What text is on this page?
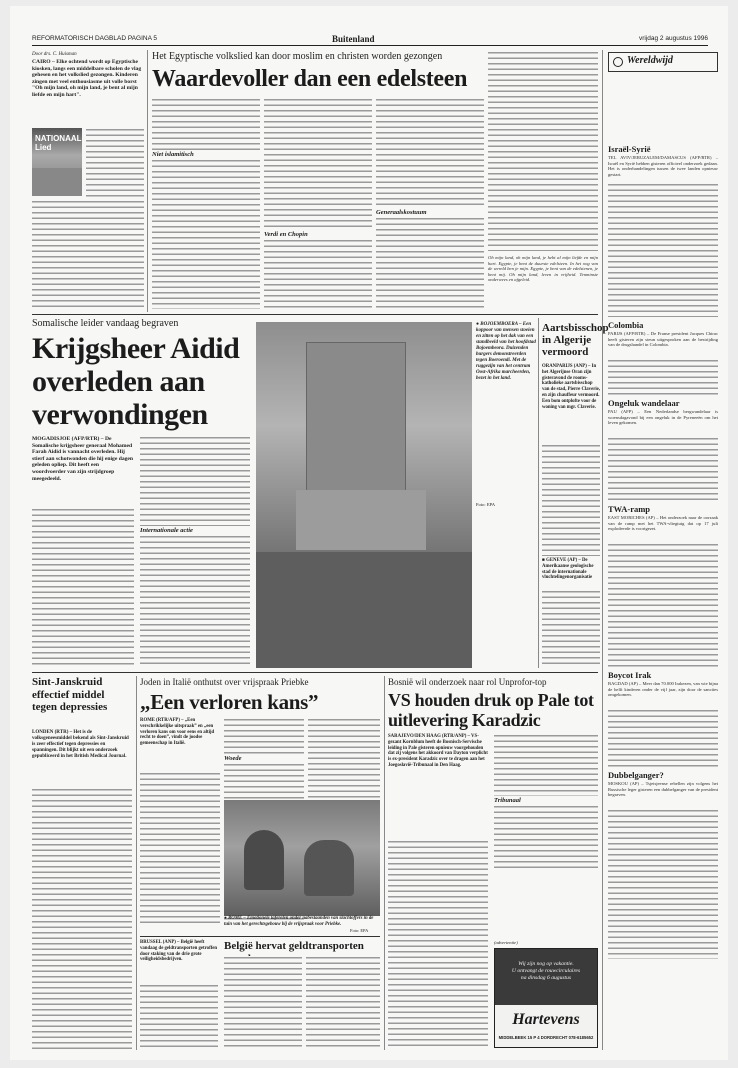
REFORMATORISCH DAGBLAD PAGINA 5	Buitenland	vrijdag 2 augustus 1996
Door drs. C. Huisman
CAIRO – Elke ochtend wordt op Egyptische kiosken, langs een middelbare scholen de vlag gehesen en het volkslied gezongen. Kinderen zingen met veel enthousiasme uit volle borst "Oh mijn land, oh mijn land, je bent al mijn liefde en mijn hart".
NATIONAAL Lied
Het Egyptische volkslied kan door moslim en christen worden gezongen
Waardevoller dan een edelsteen
Niet islamitisch
Verdi en Chopin
Generaalskostuum
Oh mijn land, oh mijn land, je hebt al mijn liefde en mijn hart. Egypte, je bent de duurste edelsteen. In het oog van de wereld ben je mijn. Egypte, je bent van de edelstenen, je bent mij. Oh mijn land, leven in vrijheid. Tenminste onderwees en afgeleid.
Wereldwijd
Israël-Syrië
TEL AVIV/JERUZALEM/DAMASCUS (AFP/RTR) – Israël en Syrië hebben gisteren officieel onderzoek gedaan. Het is onderhandelingen tussen de twee landen opnieuw gestart.
Colombia
PARIJS (AFP/RTR) – De Franse president Jacques Chirac heeft gisteren zijn steun uitgesproken aan de bestrijding van de drugshandel in Colombia.
Ongeluk wandelaar
PAU (AFP) – Een Nederlandse bergwandelaar is woensdagavond bij een ongeluk in de Pyreneeën om het leven gekomen.
TWA-ramp
EAST MORICHES (AP) – Het onderzoek naar de oorzaak van de ramp met het TWA-vliegtuig dat op 17 juli explodeerde is voortgezet.
Boycot Irak
BAGDAD (AP) – Meer dan 70.000 Irakezen, van wie bijna de helft kinderen onder de vijf jaar, zijn door de sancties omgekomen.
Dubbelganger?
MOSKOU (AP) – Tsjetsjeense rebellen zijn volgens het Russische leger gisteren een dubbelganger van de president begraven.
Somalische leider vandaag begraven
Krijgsheer Aidid overleden aan verwondingen
MOGADISJOE (AFP/RTR) – De Somalische krijgsheer generaal Mohamed Farah Aidid is vannacht overleden. Hij stierf aan schotwonden die hij enige dagen geleden opliep. Dit heeft een woordvoerder van zijn strijdgroep meegedeeld.
Internationale actie
● BOJOEMBOERA – Een koppoor van mensen stoeien en zitten op het dak van een standbeeld van het hoofdstad Bojoembeora. Duizenden burgers demonstreerden tegen Boeroendi. Met de ruggezijn van het centrum Oost-Afrika marcheerden, bezet in het land.
Foto: EPA
Aartsbisschop in Algerije vermoord
ORANPARIJS (ANP) – In het Algerijnse Oran zijn gisteravond de rooms-katholieke aartsbisschop van de stad, Pierre Claverie, en zijn chauffeur vermoord. Een bom ontplofte voor de woning van mgr. Claverie.
■ GENEVE (AP) – De Amerikaanse geologische stad de internationale vluchtelingenorganisatie
Sint-Janskruid effectief middel tegen depressies
LONDEN (RTR) – Het is de volksgeneesmiddel bekend als Sint-Janskruid is zeer effectief tegen depressies en spanningen. Dit blijkt uit een onderzoek gepubliceerd in het British Medical Journal.
Joden in Italië onthutst over vrijspraak Priebke
„Een verloren kans”
ROME (RTR/AFP) – „Een verschrikkelijke uitspraak” en „een verloren kans om voor eens en altijd recht te doen”, vindt de joodse gemeenschap in Italië.
Woede
● ROME – Emotionele taferelen onder nabestaanden van slachtoffers in de tuin van het gerechtsgebouw bij de vrijspraak voor Priebke.
Foto: EPA
BRUSSEL (ANP) – België heeft vandaag de geldtransporten getroffen door staking van de drie grote veiligheidsbedrijven.
België hervat geldtransporten
Bosnië wil onderzoek naar rol Unprofor-top
VS houden druk op Pale tot uitlevering Karadzic
SARAJEVO/DEN HAAG (RTR/ANP) – VS-gezant Kornblum heeft de Bosnisch-Servische leiding in Pale gisteren opnieuw voorgehouden dat zij volgens het akkoord van Dayton verplicht is ex-president Karadzic over te dragen aan het Joegoslavië-Tribunaal in Den Haag.
Tribunaal
(advertentie)
Wij zijn nog op vakantie.
U ontvangt de rouwcirculaires
na dinsdag 6 augustus
Hartevens
MIDDELBEEK 15 P 4 DORDRECHT 078-6185652
